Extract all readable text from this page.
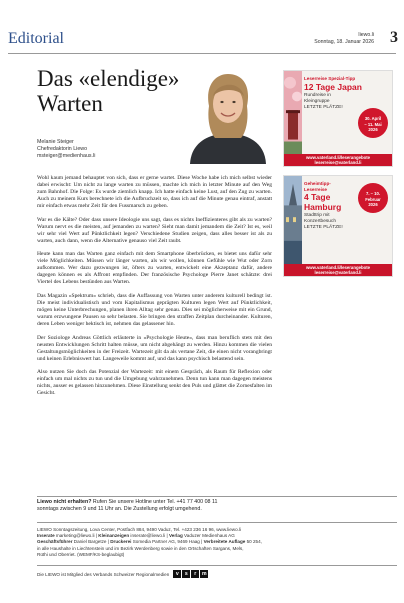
Editorial	liewo.li
Sonntag, 18. Januar 2026 3
Das «elendige»
Warten
Melanie Steiger
Chefredaktorin Liewo
msteiger@medienhaus.li

Wohl kaum jemand behauptet von sich, dass er gerne wartet. Diese Woche habe ich mich selbst wieder dabei erwischt: Um nicht zu lange warten zu müssen, machte ich mich in letzter Minute auf den Weg zum Bahnhof. Die Folge: Es wurde ziemlich knapp. Ich hatte einfach keine Lust, auf den Zug zu warten. Auch zu meinem Kurs berechnete ich die Aufbruchzeit so, dass ich auf die Minute genau eintraf, anstatt mir einfach etwas mehr Zeit für den Fussmarsch zu geben.

War es die Kälte? Oder dass unsere Ideologie uns sagt, dass es nichts Ineffizienteres gibt als zu warten? Warum nervt es die meisten, auf jemanden zu warten? Sieht man damit jemandem die Zeit? Ist es, weil wir sehr viel Wert auf Pünktlichkeit legen? Verschiedene Studien zeigen, dass alles besser ist als zu warten, auch dann, wenn die Alternative genauso viel Zeit raubt.

Heute kann man das Warten ganz einfach mit dem Smartphone überbrücken, es bietet uns dafür sehr viele Möglichkeiten. Müssen wir länger warten, als wir wollen, können Gefühle wie Wut oder Zorn aufkommen. Wer dazu gezwungen ist, öfters zu warten, entwickelt eine Akzeptanz dafür, andere dagegen können es als Affront empfinden. Der französische Psychologe Pierre Janet schätzte: drei Viertel des Lebens bestünden aus Warten.

Das Magazin «Spektrum» schrieb, dass die Auffassung von Warten unter anderem kulturell bedingt ist. Die meist individualistisch und vom Kapitalismus geprägten Kulturen legen Wert auf Pünktlichkeit, mögen keine Unterbrechungen, planen ihren Alltag sehr genau. Dies sei möglicherweise mit ein Grund, warum erzwungene Pausen so sehr belasten. Sie bringen den straffen Zeitplan durcheinander. Kulturen, deren Leben weniger hektisch ist, nehmen das gelassener hin.

Der Soziologe Andreas Göttlich erläuterte in «Psychologie Heute», dass man beruflich stets mit den neusten Entwicklungen Schritt halten müsse, um nicht abgehängt zu werden. Hinzu kommen die vielen Gestaltungsmöglichkeiten in der Freizeit. Wartezeit gilt da als vertane Zeit, die einen nicht vorangbringt und keinen Erlebniswert hat. Langeweile kommt auf, und das kann psychisch belastend sein.

Also nutzen Sie doch das Potenzial der Wartezeit: mit einem Gespräch, als Raum für Reflexion oder einfach um mal nichts zu tun und die Umgebung wahrzunehmen. Denn tun kann man dagegen meistens nichts, ausser es gelassen hinzunehmen. Diese Einstellung senkt den Puls und glättet die Zornesfalten im Gesicht.

Leserreise Spezial-Tipp
12 Tage Japan
Rundreise in
Kleingruppe
LETZTE PLÄTZE!
30. April
– 11. Mai
2026
www.vaterland.li/leserangebote
leserreise@vaterland.li
Geheimtipp-
Leserreise
4 Tage
Hamburg
Stadttrip mit
Konzertbesuch
LETZTE PLÄTZE!
7. – 10.
Februar
2026
www.vaterland.li/leserangebote
leserreise@vaterland.li
Liewo nicht erhalten? Rufen Sie unsere Hotline unter Tel. +41 77 400 08 11
sonntags zwischen 9 und 11 Uhr an. Die Zustellung erfolgt umgehend.
LIEWO Sonntagszeitung, Lova Center, Postfach 884, 9490 Vaduz, Tel. +423 236 16 96, www.liewo.li
Inserate marketing@liewo.li | Kleinanzeigen inserate@liewo.li | Verlag Vaduzer Medienhaus AG
Geschäftsführer Daniel Bargetze | Druckerei Somedia Partner AG, 9469 Haag | Verbreitete Auflage 50 254,
in alle Haushalte in Liechtenstein und im Bezirk Werdenberg sowie in den Ortschaften Sargans, Mels,
Rüthi und Oberriet. (WEMF/KS-beglaubigt)
Die LIEWO ist Mitglied des Verbands Schweizer Regionalmedien	v	s	r	m
